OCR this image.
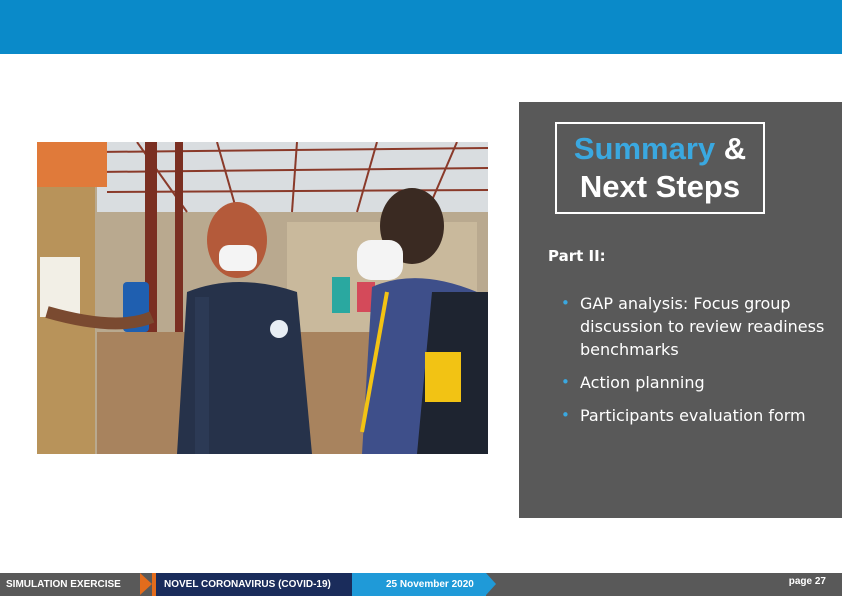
Summary &
Next Steps
Part II:
• GAP analysis: Focus group discussion to review readiness benchmarks
• Action planning
• Participants evaluation form
SIMULATION EXERCISE	NOVEL CORONAVIRUS (COVID-19)	25 November 2020	page 27
